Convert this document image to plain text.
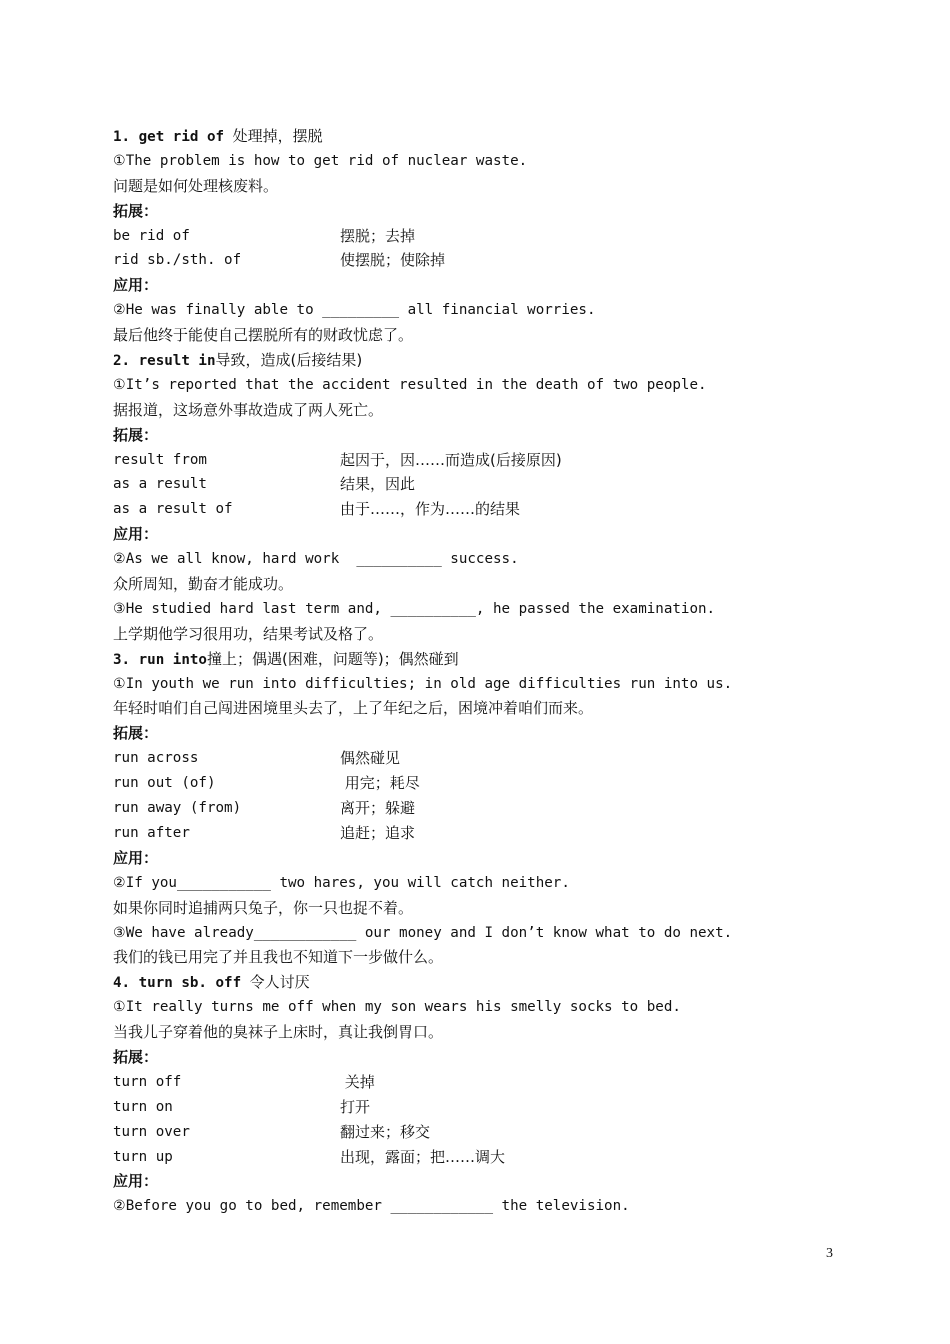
1. get rid of 处理掉，摆脱
①The problem is how to get rid of nuclear waste.
问题是如何处理核废料。
拓展：
be rid of	摆脱；去掉
rid sb./sth. of	使摆脱；使除掉
应用：
②He was finally able to _________ all financial worries.
最后他终于能使自己摆脱所有的财政忧虑了。
2. result in导致，造成(后接结果)
①It’s reported that the accident resulted in the death of two people.
据报道，这场意外事故造成了两人死亡。
拓展：
result from	起因于，因……而造成(后接原因)
as a result	结果，因此
as a result of	由于……，作为……的结果
应用：
②As we all know, hard work  __________ success.
众所周知，勤奋才能成功。
③He studied hard last term and, __________, he passed the examination.
上学期他学习很用功，结果考试及格了。
3. run into撞上；偶遇(困难，问题等)；偶然碰到
①In youth we run into difficulties; in old age difficulties run into us.
年轻时咱们自己闯进困境里头去了，上了年纪之后，困境冲着咱们而来。
拓展：
run across	偶然碰见
run out (of)	用完；耗尽
run away (from)	离开；躲避
run after	追赶；追求
应用：
②If you___________ two hares, you will catch neither.
如果你同时追捕两只兔子，你一只也捉不着。
③We have already____________ our money and I don’t know what to do next.
我们的钱已用完了并且我也不知道下一步做什么。
4. turn sb. off 令人讨厌
①It really turns me off when my son wears his smelly socks to bed.
当我儿子穿着他的臭袜子上床时，真让我倒胃口。
拓展：
turn off	关掉
turn on	打开
turn over	翻过来；移交
turn up	出现，露面；把……调大
应用：
②Before you go to bed, remember ____________ the television.
3
